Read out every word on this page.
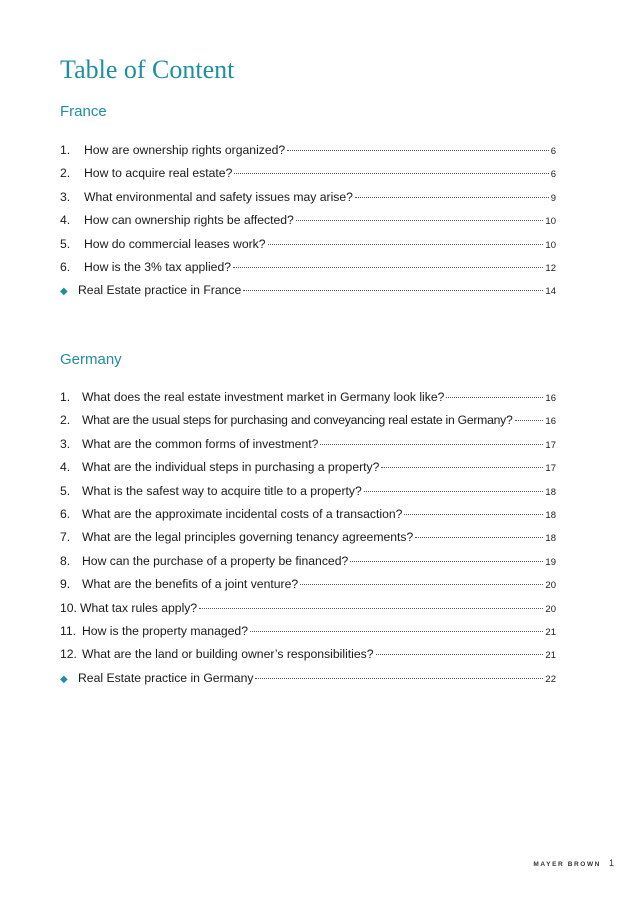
Table of Content
France
1.	How are ownership rights organized?	6
2.	How to acquire real estate?	6
3.	What environmental and safety issues may arise?	9
4.	How can ownership rights be affected?	10
5.	How do commercial leases work?	10
6.	How is the 3% tax applied?	12
◆ Real Estate practice in France	14
Germany
1. What does the real estate investment market in Germany look like?	16
2. What are the usual steps for purchasing and conveyancing real estate in Germany?	16
3. What are the common forms of investment?	17
4. What are the individual steps in purchasing a property?	17
5. What is the safest way to acquire title to a property?	18
6. What are the approximate incidental costs of a transaction?	18
7. What are the legal principles governing tenancy agreements?	18
8. How can the purchase of a property be financed?	19
9. What are the benefits of a joint venture?	20
10. What tax rules apply?	20
11. How is the property managed?	21
12. What are the land or building owner’s responsibilities?	21
◆ Real Estate practice in Germany	22
MAYER BROWN 1
